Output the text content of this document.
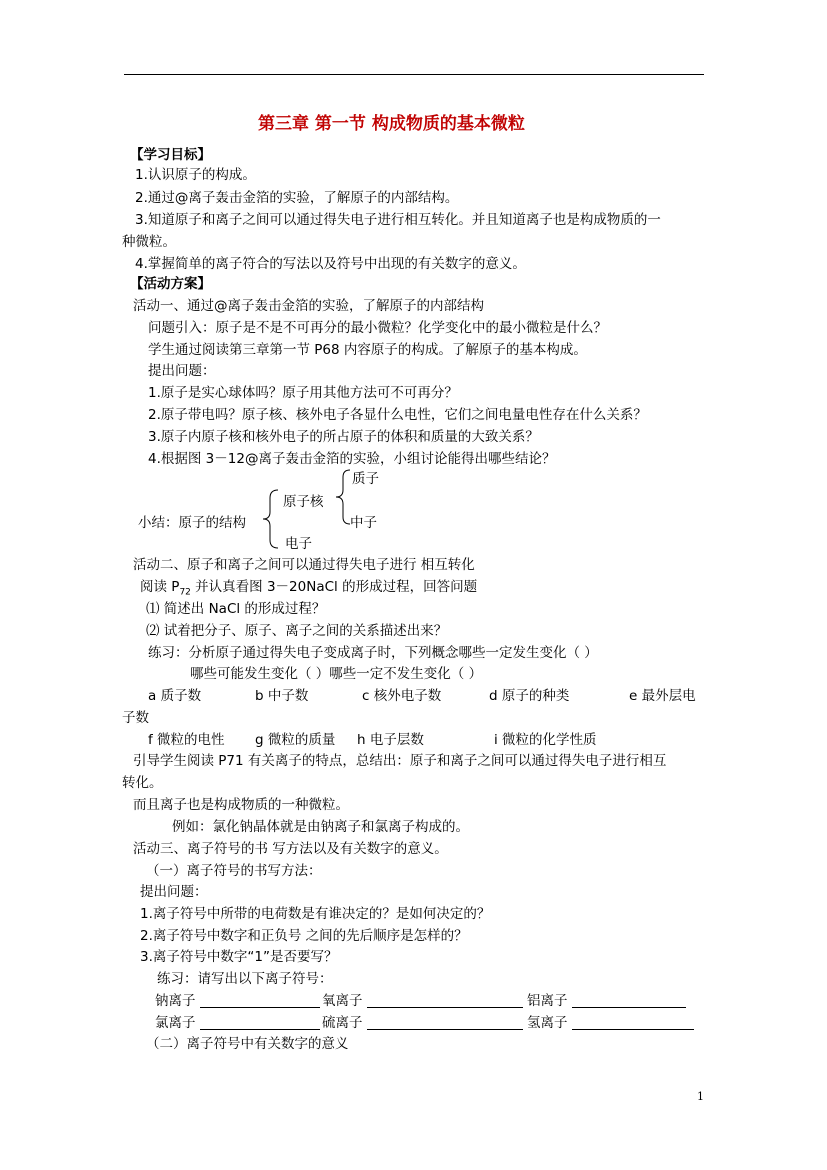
第三章 第一节 构成物质的基本微粒
【学习目标】
1.认识原子的构成。
2.通过@离子轰击金箔的实验，了解原子的内部结构。
3.知道原子和离子之间可以通过得失电子进行相互转化。并且知道离子也是构成物质的一
种微粒。
4.掌握简单的离子符合的写法以及符号中出现的有关数字的意义。
【活动方案】
活动一、通过@离子轰击金箔的实验，了解原子的内部结构
问题引入：原子是不是不可再分的最小微粒？化学变化中的最小微粒是什么？
学生通过阅读第三章第一节 P68 内容原子的构成。了解原子的基本构成。
提出问题：
1.原子是实心球体吗？原子用其他方法可不可再分？
2.原子带电吗？原子核、核外电子各显什么电性，它们之间电量电性存在什么关系？
3.原子内原子核和核外电子的所占原子的体积和质量的大致关系？
4.根据图 3－12@离子轰击金箔的实验，小组讨论能得出哪些结论？
质子
原子核
小结：原子的结构	中子
电子
活动二、原子和离子之间可以通过得失电子进行 相互转化
阅读 $P_{72}$ 并认真看图 3－20NaCl 的形成过程，回答问题
⑴ 简述出 NaCl 的形成过程？
⑵ 试着把分子、原子、离子之间的关系描述出来？
练习：分析原子通过得失电子变成离子时，下列概念哪些一定发生变化（ ）
哪些可能发生变化（ ）哪些一定不发生变化（ ）
a 质子数	b 中子数	c 核外电子数	d 原子的种类	e 最外层电
子数
f 微粒的电性 g 微粒的质量 h 电子层数	i 微粒的化学性质
引导学生阅读 P71 有关离子的特点，总结出：原子和离子之间可以通过得失电子进行相互
转化。
而且离子也是构成物质的一种微粒。
例如：氯化钠晶体就是由钠离子和氯离子构成的。
活动三、离子符号的书 写方法以及有关数字的意义。
（一）离子符号的书写方法：
提出问题：
1.离子符号中所带的电荷数是有谁决定的？是如何决定的？
2.离子符号中数字和正负号 之间的先后顺序是怎样的？
3.离子符号中数字“1”是否要写？
练习：请写出以下离子符号：
钠离子	氧离子	铝离子
氯离子	硫离子	氢离子
（二）离子符号中有关数字的意义
1
